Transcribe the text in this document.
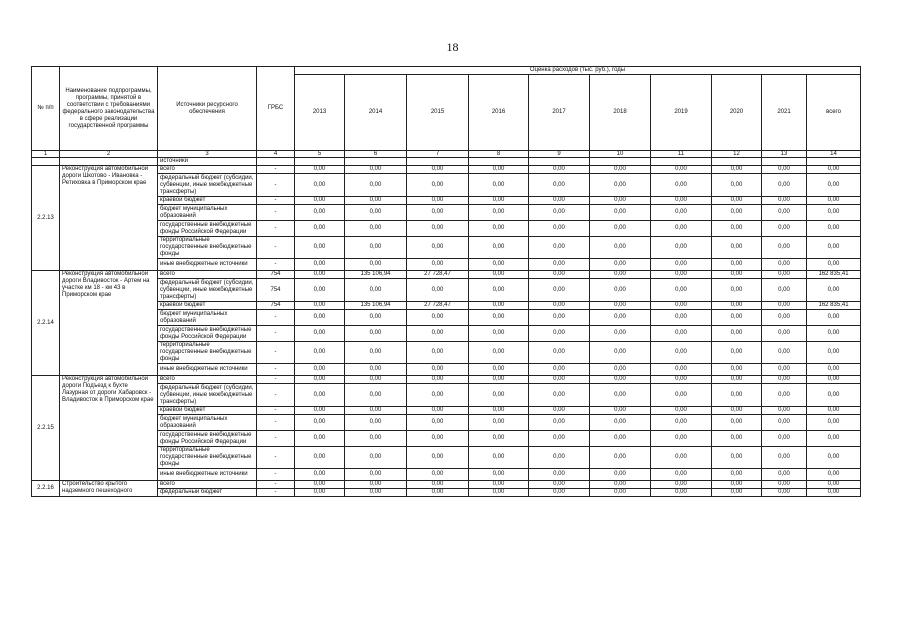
18
№ п/п	Наименование подпрограммы, программы, принятой в соответствии с требованиями федерального законодательства в сфере реализации государственной программы	Источники ресурсного обеспечения	ГРБС	Оценка расходов (тыс. руб.), годы									
				2013	2014	2015	2016	2017	2018	2019	2020	2021	всего
1	2	3	4	5	6	7	8	9	10	11	12	13	14
		источники											
2.2.13	Реконструкция автомобильной дороги Шкотово - Ивановка - Ретиховка в Приморском крае	всего	-	0,00	0,00	0,00	0,00	0,00	0,00	0,00	0,00	0,00	0,00
		федеральный бюджет (субсидии, субвенции, иные межбюджетные трансферты)	-	0,00	0,00	0,00	0,00	0,00	0,00	0,00	0,00	0,00	0,00
		краевой бюджет	-	0,00	0,00	0,00	0,00	0,00	0,00	0,00	0,00	0,00	0,00
		бюджет муниципальных образований	-	0,00	0,00	0,00	0,00	0,00	0,00	0,00	0,00	0,00	0,00
		государственные внебюджетные фонды Российской Федерации	-	0,00	0,00	0,00	0,00	0,00	0,00	0,00	0,00	0,00	0,00
		территориальные государственные внебюджетные фонды	-	0,00	0,00	0,00	0,00	0,00	0,00	0,00	0,00	0,00	0,00
		иные внебюджетные источники	-	0,00	0,00	0,00	0,00	0,00	0,00	0,00	0,00	0,00	0,00
2.2.14	Реконструкция автомобильной дороги Владивосток - Артем на участке км 18 - км 43 в Приморском крае	всего	754	0,00	135 106,94	27 728,47	0,00	0,00	0,00	0,00	0,00	0,00	162 835,41
		федеральный бюджет (субсидии, субвенции, иные межбюджетные трансферты)	754	0,00	0,00	0,00	0,00	0,00	0,00	0,00	0,00	0,00	0,00
		краевой бюджет	754	0,00	135 106,94	27 728,47	0,00	0,00	0,00	0,00	0,00	0,00	162 835,41
		бюджет муниципальных образований	-	0,00	0,00	0,00	0,00	0,00	0,00	0,00	0,00	0,00	0,00
		государственные внебюджетные фонды Российской Федерации	-	0,00	0,00	0,00	0,00	0,00	0,00	0,00	0,00	0,00	0,00
		территориальные государственные внебюджетные фонды	-	0,00	0,00	0,00	0,00	0,00	0,00	0,00	0,00	0,00	0,00
		иные внебюджетные источники	-	0,00	0,00	0,00	0,00	0,00	0,00	0,00	0,00	0,00	0,00
2.2.15	Реконструкция автомобильной дороги Подъезд к бухте Лазурная от дороги Хабаровск - Владивосток в Приморском крае	всего	-	0,00	0,00	0,00	0,00	0,00	0,00	0,00	0,00	0,00	0,00
		федеральный бюджет (субсидии, субвенции, иные межбюджетные трансферты)	-	0,00	0,00	0,00	0,00	0,00	0,00	0,00	0,00	0,00	0,00
		краевой бюджет	-	0,00	0,00	0,00	0,00	0,00	0,00	0,00	0,00	0,00	0,00
		бюджет муниципальных образований	-	0,00	0,00	0,00	0,00	0,00	0,00	0,00	0,00	0,00	0,00
		государственные внебюджетные фонды Российской Федерации	-	0,00	0,00	0,00	0,00	0,00	0,00	0,00	0,00	0,00	0,00
		территориальные государственные внебюджетные фонды	-	0,00	0,00	0,00	0,00	0,00	0,00	0,00	0,00	0,00	0,00
		иные внебюджетные источники	-	0,00	0,00	0,00	0,00	0,00	0,00	0,00	0,00	0,00	0,00
2.2.16	Строительство крытого надземного пешеходного	всего	-	0,00	0,00	0,00	0,00	0,00	0,00	0,00	0,00	0,00	0,00
		федеральный бюджет	-	0,00	0,00	0,00	0,00	0,00	0,00	0,00	0,00	0,00	0,00
